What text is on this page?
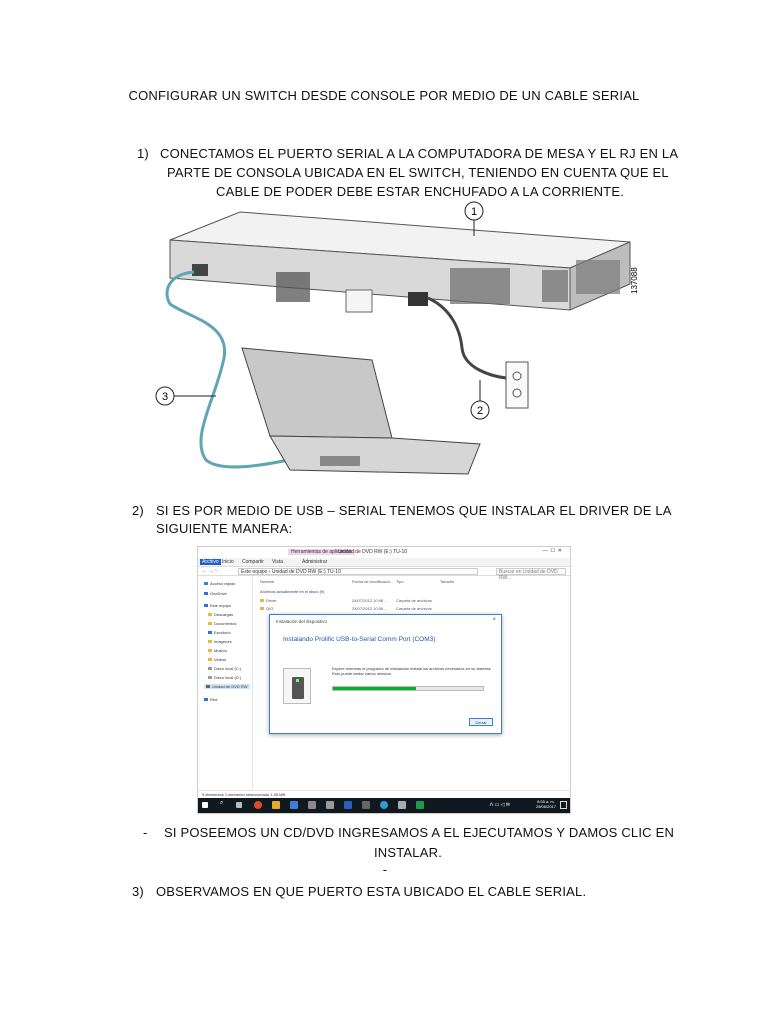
CONFIGURAR UN SWITCH DESDE CONSOLE POR MEDIO DE UN CABLE SERIAL
1) CONECTAMOS EL PUERTO SERIAL A LA COMPUTADORA DE MESA Y EL RJ EN LA
PARTE DE CONSOLA UBICADA EN EL SWITCH, TENIENDO EN CUENTA QUE EL
CABLE DE PODER DEBE ESTAR ENCHUFADO A LA CORRIENTE.
137088
1
2
3
2) SI ES POR MEDIO DE USB – SERIAL TENEMOS QUE INSTALAR EL DRIVER DE LA
SIGUIENTE MANERA:
Herramientas de aplicación
Unidad de DVD RW (E:) TU-10	—  ☐  ✕
Archivo Inicio Compartir Vista	Administrar
← → ↑	Este equipo › Unidad de DVD RW (E:) TU-10	Buscar en Unidad de DVD RW...
Acceso rápido
OneDrive
Este equipo
Descargas
Documentos
Escritorio
Imágenes
Música
Videos
Disco local (C:)
Disco local (D:)
Unidad de DVD RW
Red
Nombre	Fecha de modificació... Tipo	Tamaño
Archivos actualmente en el disco (9)
Driver	24/07/2012 10:58 ... Carpeta de archivos
QIG	24/07/2012 10:55 ... Carpeta de archivos
Instalación del dispositivo	×
Instalando Prolific USB-to-Serial Comm Port (COM3)
Espere mientras el programa de instalación instala los archivos necesarios en su sistema. Esto puede tardar varios minutos.
Cerrar
9 elementos 1 elemento seleccionado 1,55 MB
⌕	ᐱ ▭ ◁ ✉
8:55 a. m.
25/08/2017
- SI POSEEMOS UN CD/DVD INGRESAMOS A EL EJECUTAMOS Y DAMOS CLIC EN
INSTALAR.
-
3) OBSERVAMOS EN QUE PUERTO ESTA UBICADO EL CABLE SERIAL.
